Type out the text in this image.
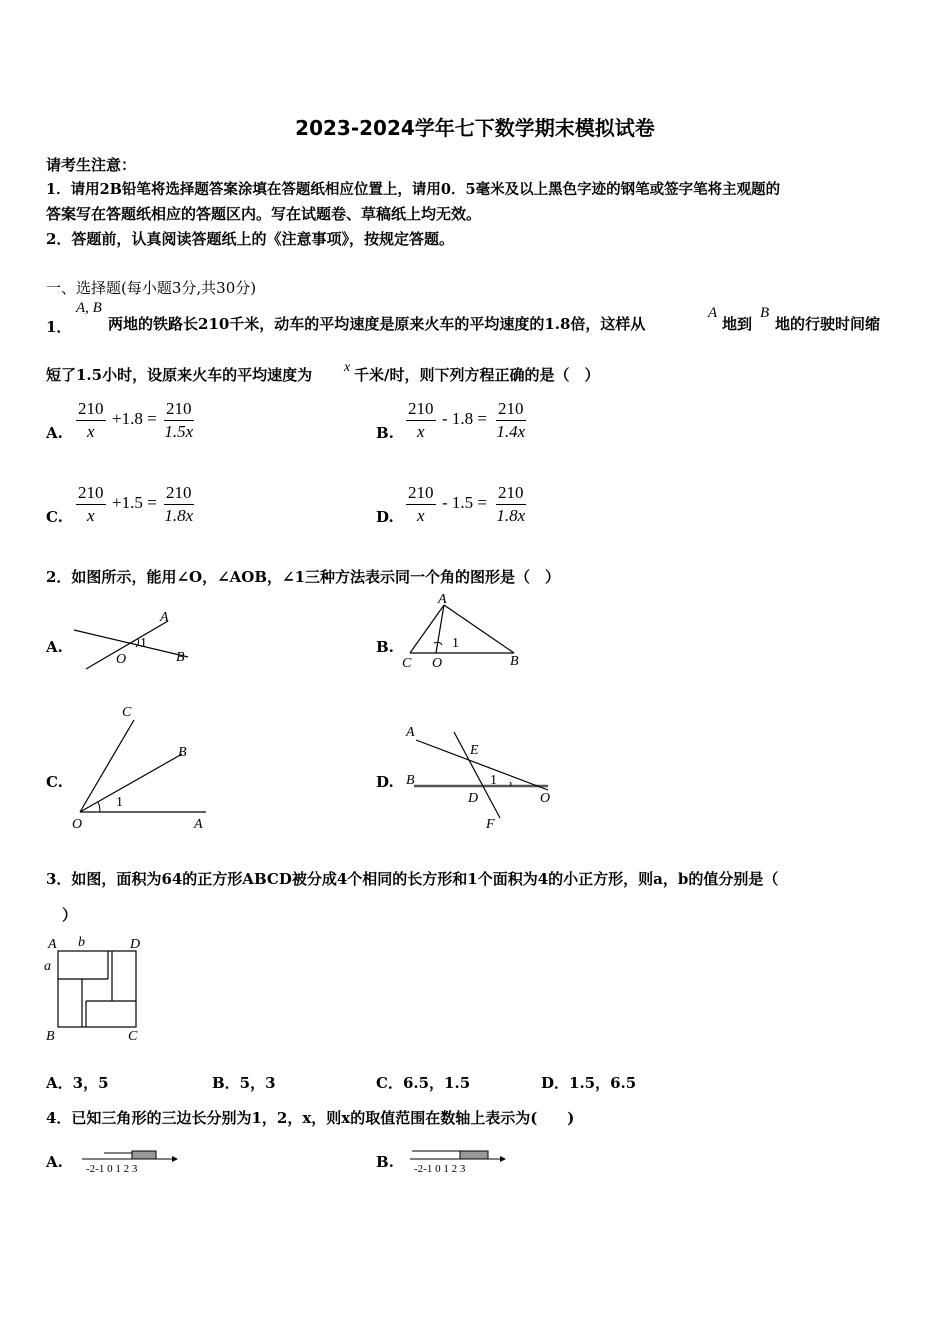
2023-2024学年七下数学期末模拟试卷
请考生注意：
1．请用2B铅笔将选择题答案涂填在答题纸相应位置上，请用0．5毫米及以上黑色字迹的钢笔或签字笔将主观题的
答案写在答题纸相应的答题区内。写在试题卷、草稿纸上均无效。
2．答题前，认真阅读答题纸上的《注意事项》，按规定答题。
一、选择题(每小题3分,共30分)
1．
A, B
两地的铁路长210千米，动车的平均速度是原来火车的平均速度的1.8倍，这样从
A
地到
B
地的行驶时间缩
短了1.5小时，设原来火车的平均速度为 x 千米/时，则下列方程正确的是（　）
A. $\frac{210}{x} +1.8 = \frac{210}{1.5x}$	B. $\frac{210}{x} - 1.8 = \frac{210}{1.4x}$
C. $\frac{210}{x} +1.5 = \frac{210}{1.8x}$	D. $\frac{210}{x} - 1.5 = \frac{210}{1.8x}$
2．如图所示，能用∠O，∠AOB，∠1三种方法表示同一个角的图形是（　）
A.
A
B
O
1	B.
A
C O	B
1
C.
C
B
O	A
1
D.
A
E
B
D	O
F
1
3．如图，面积为64的正方形ABCD被分成4个相同的长方形和1个面积为4的小正方形，则a，b的值分别是（
）
A b	D
a
B	C
A．3，5	B．5，3	C．6.5，1.5	D．1.5，6.5
4．已知三角形的三边长分别为1，2，x，则x的取值范围在数轴上表示为(　　)
A. -2-1 0 1 2 3	B. -2-1 0 1 2 3
